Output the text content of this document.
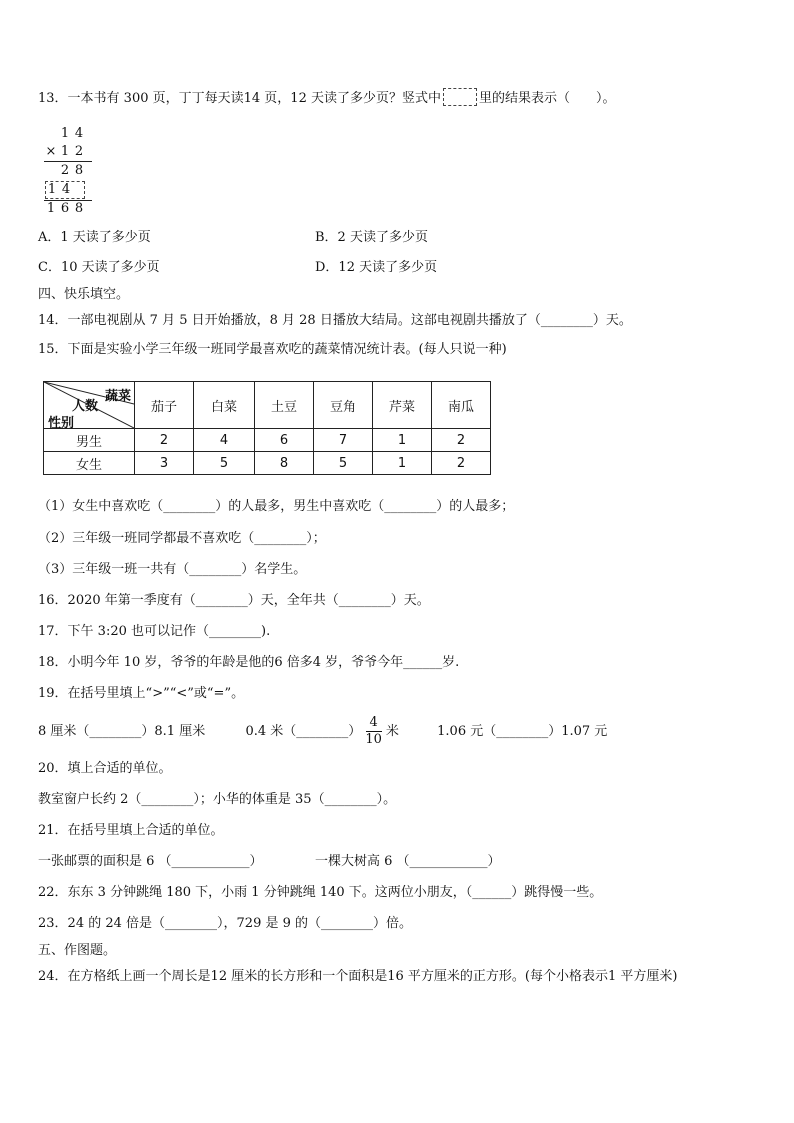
13．一本书有 300 页，丁丁每天读14 页，12 天读了多少页？竖式中	里的结果表示（　　）。
1 4
× 1 2
2 8
1 4
1 6 8
A．1 天读了多少页	B．2 天读了多少页
C．10 天读了多少页	D．12 天读了多少页
四、快乐填空。
14．一部电视剧从 7 月 5 日开始播放，8 月 28 日播放大结局。这部电视剧共播放了（________）天。
15．下面是实验小学三年级一班同学最喜欢吃的蔬菜情况统计表。(每人只说一种)
蔬菜
人数
性别	茄子	白菜	土豆	豆角	芹菜	南瓜
男生	2	4	6	7	1	2
女生	3	5	8	5	1	2
（1）女生中喜欢吃（________）的人最多，男生中喜欢吃（________）的人最多；
（2）三年级一班同学都最不喜欢吃（________）；
（3）三年级一班一共有（________）名学生。
16．2020 年第一季度有（________）天，全年共（________）天。
17．下午 3:20 也可以记作（________).
18．小明今年 10 岁，爷爷的年龄是他的6 倍多4 岁，爷爷今年______岁.
19．在括号里填上“>”“<”或“=”。
8 厘米（________）8.1 厘米	0.4 米（________） $\frac{4}{10}$ 米	1.06 元（________）1.07 元
20．填上合适的单位。
教室窗户长约 2（________）；小华的体重是 35（________）。
21．在括号里填上合适的单位。
一张邮票的面积是 6 （____________）	一棵大树高 6 （____________）
22．东东 3 分钟跳绳 180 下，小雨 1 分钟跳绳 140 下。这两位小朋友，（______）跳得慢一些。
23．24 的 24 倍是（________），729 是 9 的（________）倍。
五、作图题。
24．在方格纸上画一个周长是12 厘米的长方形和一个面积是16 平方厘米的正方形。(每个小格表示1 平方厘米)
